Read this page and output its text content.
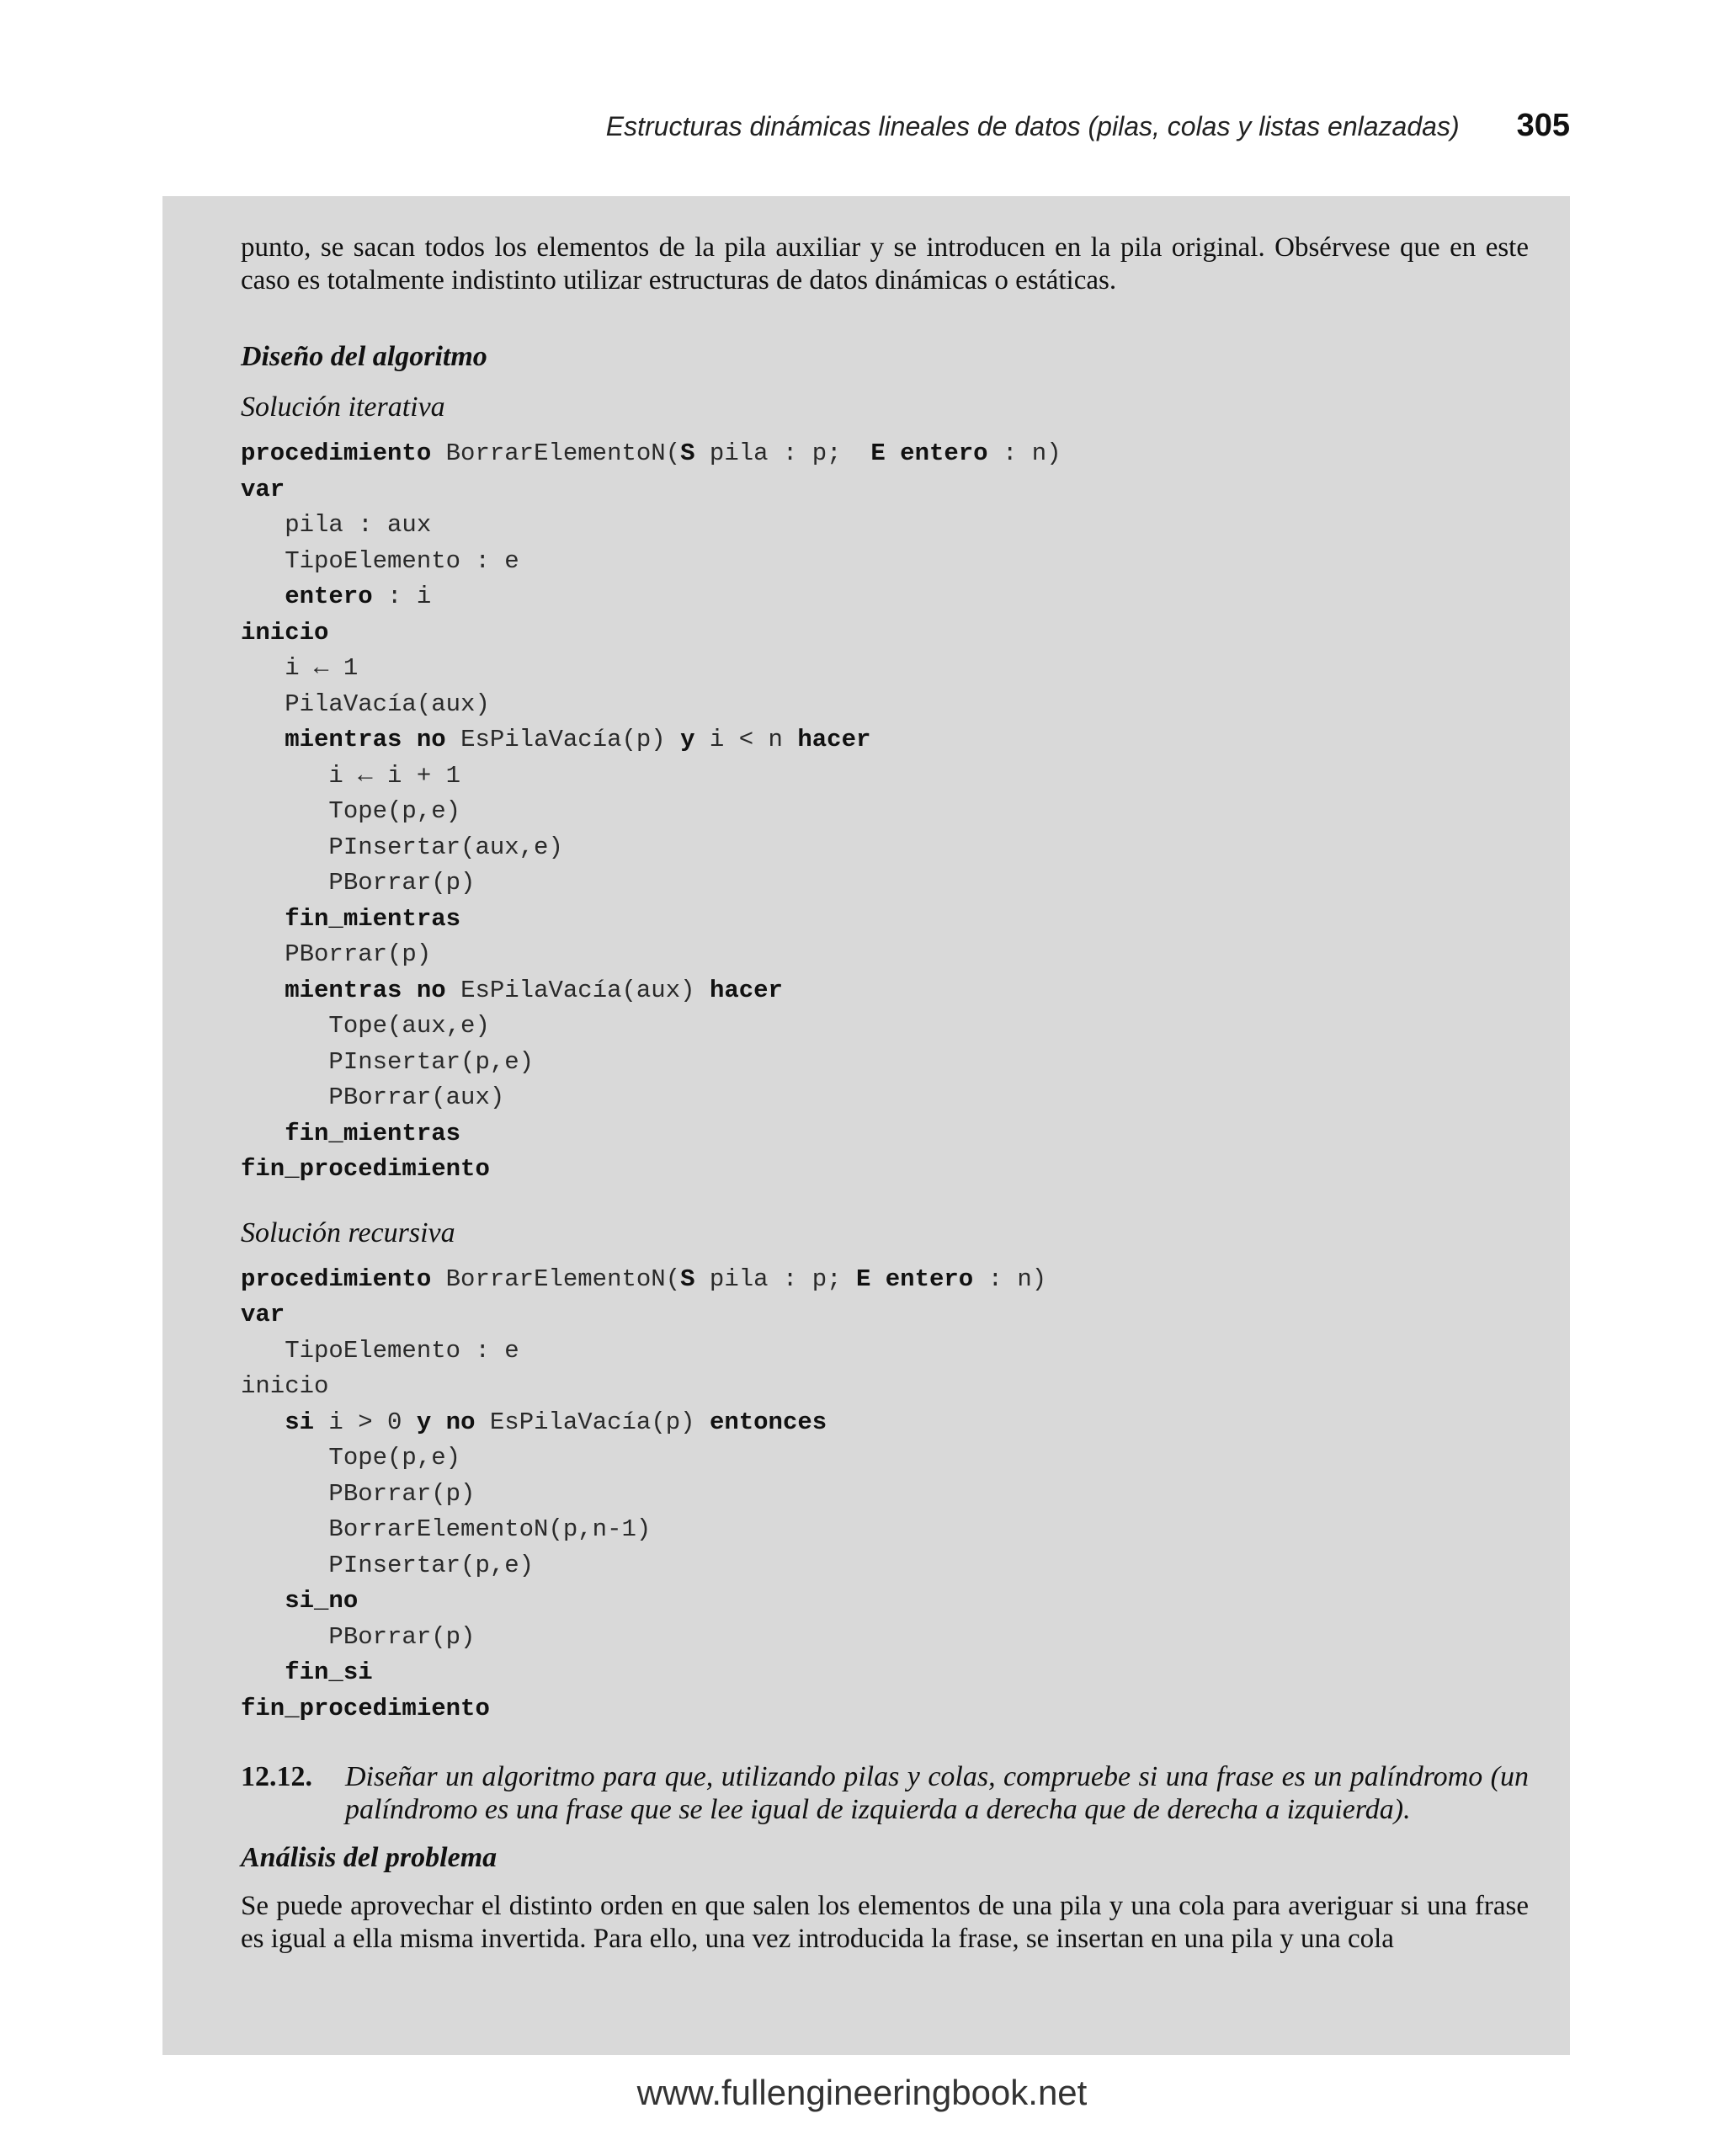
Estructuras dinámicas lineales de datos (pilas, colas y listas enlazadas) 305

punto, se sacan todos los elementos de la pila auxiliar y se introducen en la pila original. Obsérvese que en este caso es totalmente indistinto utilizar estructuras de datos dinámicas o estáticas.

Diseño del algoritmo
Solución iterativa
procedimiento BorrarElementoN(S pila : p;  E entero : n)
var
pila : aux
TipoElemento : e
entero : i
inicio
i ← 1
PilaVacía(aux)
mientras no EsPilaVacía(p) y i < n hacer
i ← i + 1
Tope(p,e)
PInsertar(aux,e)
PBorrar(p)
fin_mientras
PBorrar(p)
mientras no EsPilaVacía(aux) hacer
Tope(aux,e)
PInsertar(p,e)
PBorrar(aux)
fin_mientras
fin_procedimiento
Solución recursiva
procedimiento BorrarElementoN(S pila : p; E entero : n)
var
TipoElemento : e
inicio
si i > 0 y no EsPilaVacía(p) entonces
Tope(p,e)
PBorrar(p)
BorrarElementoN(p,n-1)
PInsertar(p,e)
si_no
PBorrar(p)
fin_si
fin_procedimiento
12.12.	Diseñar un algoritmo para que, utilizando pilas y colas, compruebe si una frase es un palíndromo (un palíndromo es una frase que se lee igual de izquierda a derecha que de derecha a izquierda).
Análisis del problema

Se puede aprovechar el distinto orden en que salen los elementos de una pila y una cola para averiguar si una frase es igual a ella misma invertida. Para ello, una vez introducida la frase, se insertan en una pila y una cola

www.fullengineeringbook.net
